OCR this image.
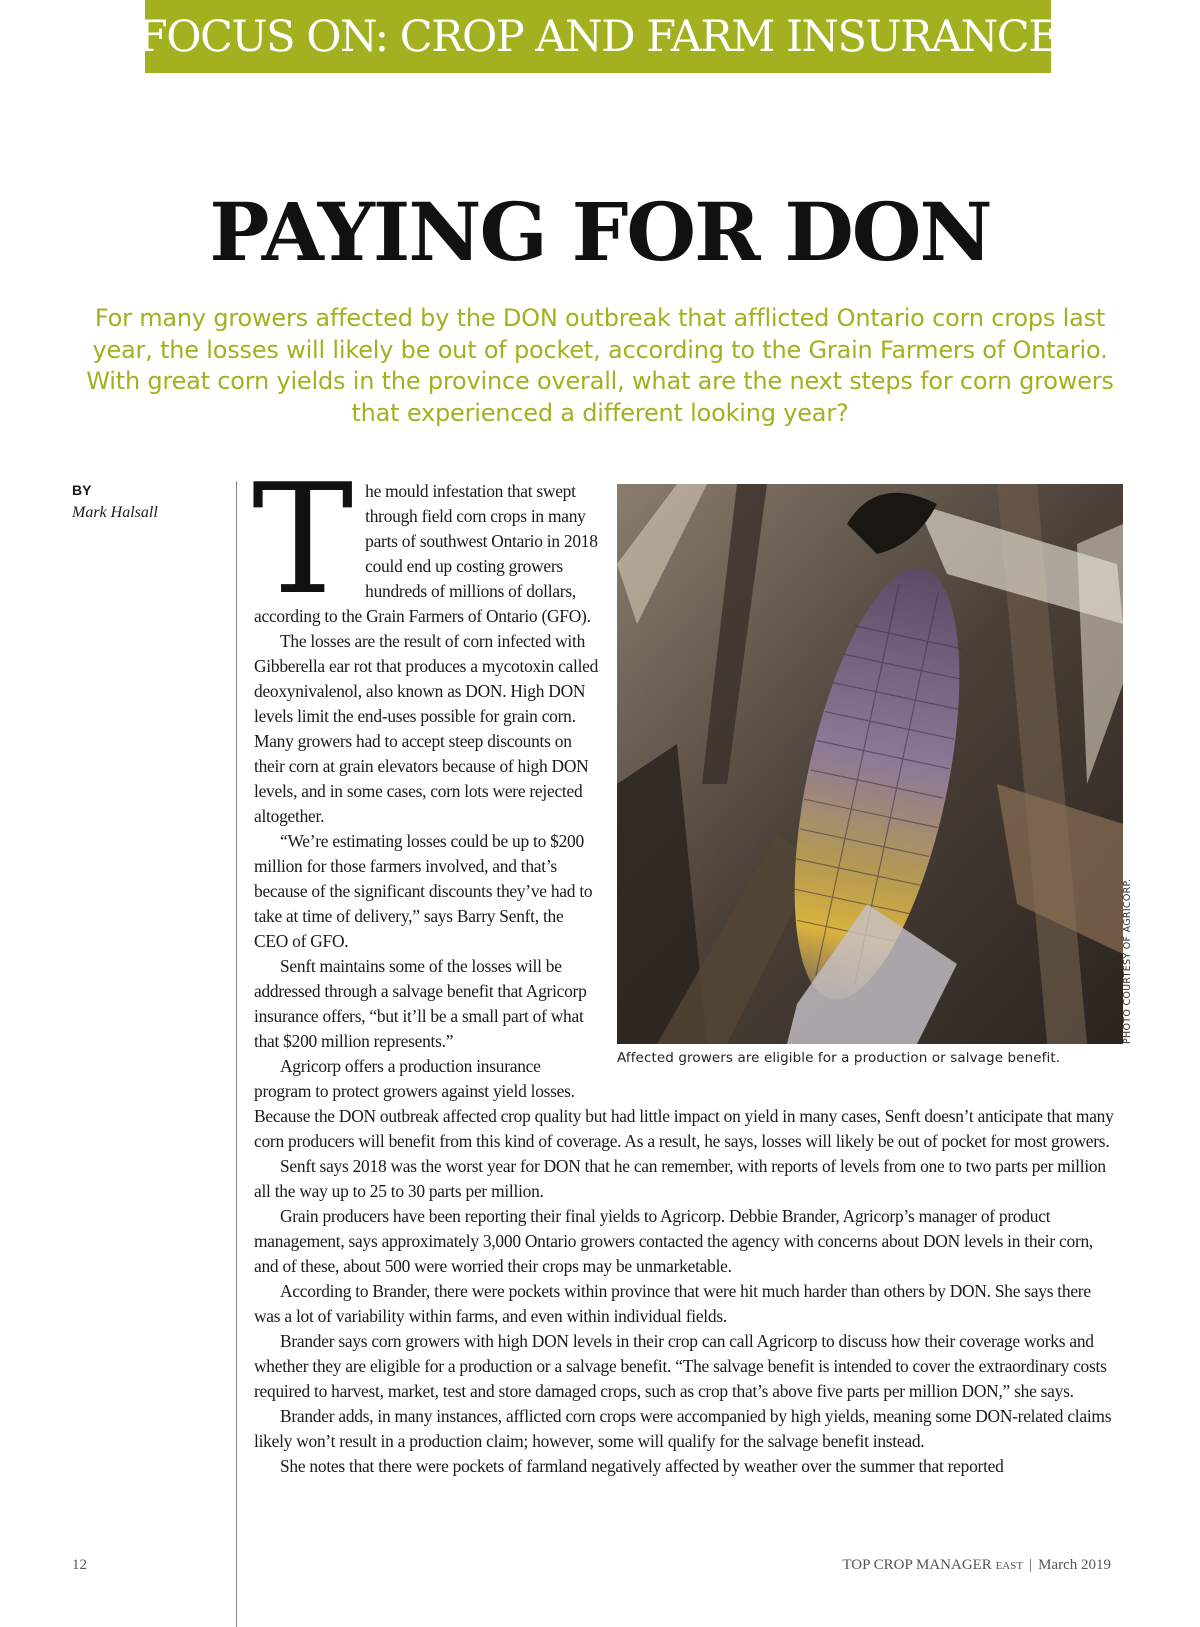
FOCUS ON: CROP AND FARM INSURANCE
PAYING FOR DON

For many growers affected by the DON outbreak that afflicted Ontario corn crops last year, the losses will likely be out of pocket, according to the Grain Farmers of Ontario. With great corn yields in the province overall, what are the next steps for corn growers that experienced a different looking year?

BY
Mark Halsall The mould infestation that swept through field corn crops in many parts of southwest Ontario in 2018 could end up costing growers hundreds of millions of dollars, according to the Grain Farmers of Ontario (GFO).

The losses are the result of corn infected with Gibberella ear rot that produces a mycotoxin called deoxynivalenol, also known as DON. High DON levels limit the end-uses possible for grain corn. Many growers had to accept steep discounts on their corn at grain elevators because of high DON levels, and in some cases, corn lots were rejected altogether.

“We’re estimating losses could be up to $200 million for those farmers involved, and that’s because of the significant discounts they’ve had to take at time of delivery,” says Barry Senft, the CEO of GFO.

Senft maintains some of the losses will be addressed through a salvage benefit that Agricorp insurance offers, “but it’ll be a small part of what that $200 million represents.”

Agricorp offers a production insurance program to protect growers against yield losses. Because the DON outbreak affected crop quality but had little impact on yield in many cases, Senft doesn’t anticipate that many corn producers will benefit from this kind of coverage. As a result, he says, losses will likely be out of pocket for most growers.

Senft says 2018 was the worst year for DON that he can remember, with reports of levels from one to two parts per million all the way up to 25 to 30 parts per million.

Grain producers have been reporting their final yields to Agricorp. Debbie Brander, Agricorp’s manager of product management, says approximately 3,000 Ontario growers contacted the agency with concerns about DON levels in their corn, and of these, about 500 were worried their crops may be unmarketable.

According to Brander, there were pockets within province that were hit much harder than others by DON. She says there was a lot of variability within farms, and even within individual fields.

Brander says corn growers with high DON levels in their crop can call Agricorp to discuss how their coverage works and whether they are eligible for a production or a salvage benefit. “The salvage benefit is intended to cover the extraordinary costs required to harvest, market, test and store damaged crops, such as crop that’s above five parts per million DON,” she says.

Brander adds, in many instances, afflicted corn crops were accompanied by high yields, meaning some DON-related claims likely won’t result in a production claim; however, some will qualify for the salvage benefit instead.

She notes that there were pockets of farmland negatively affected by weather over the summer that reported

PHOTO COURTESY OF AGRICORP.
Affected growers are eligible for a production or salvage benefit.
12	TOP CROP MANAGER EAST | March 2019
